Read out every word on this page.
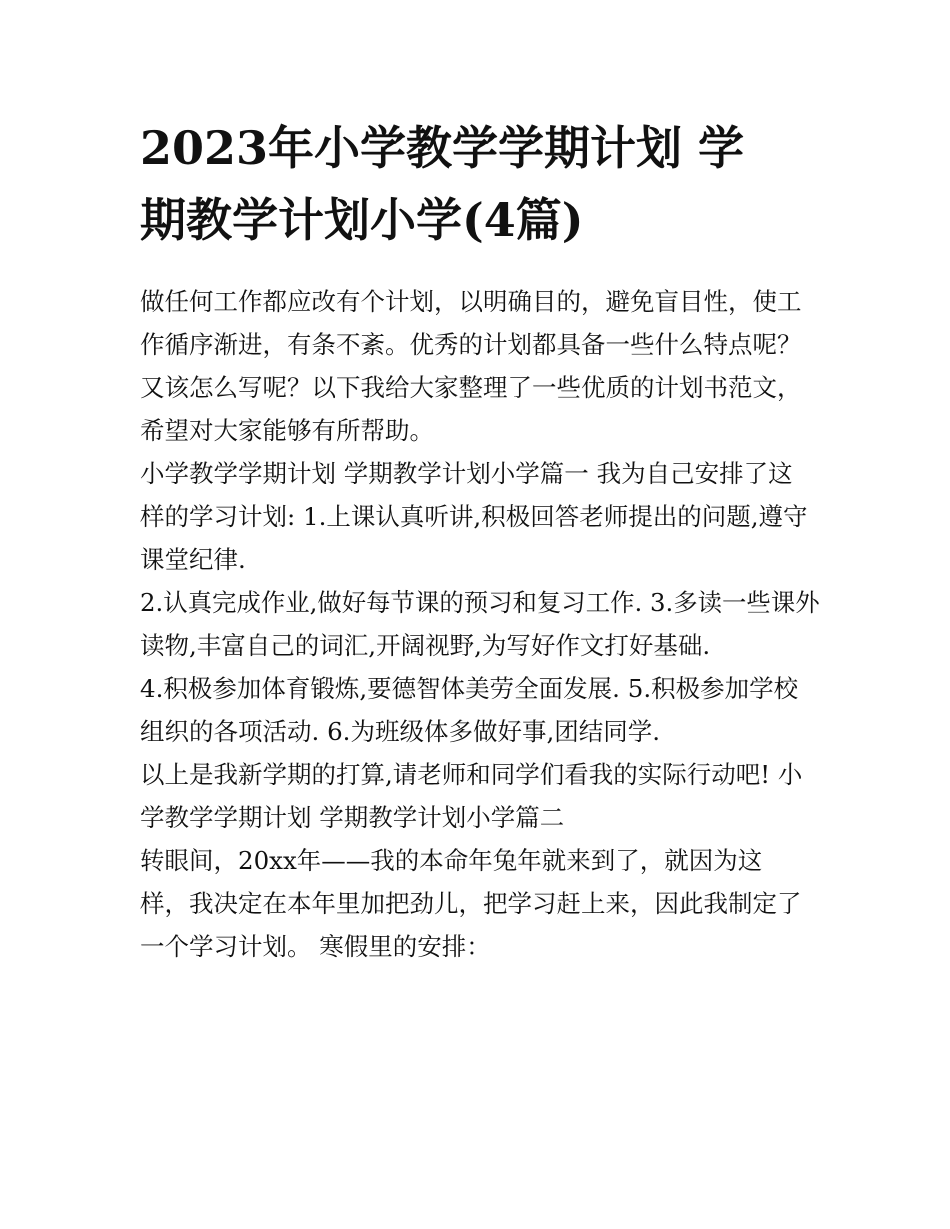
2023年小学教学学期计划 学
期教学计划小学(4篇)
做任何工作都应改有个计划，以明确目的，避免盲目性，使工
作循序渐进，有条不紊。优秀的计划都具备一些什么特点呢？
又该怎么写呢？以下我给大家整理了一些优质的计划书范文，
希望对大家能够有所帮助。
小学教学学期计划 学期教学计划小学篇一 我为自己安排了这
样的学习计划: 1.上课认真听讲,积极回答老师提出的问题,遵守
课堂纪律.
2.认真完成作业,做好每节课的预习和复习工作. 3.多读一些课外
读物,丰富自己的词汇,开阔视野,为写好作文打好基础.
4.积极参加体育锻炼,要德智体美劳全面发展. 5.积极参加学校
组织的各项活动. 6.为班级体多做好事,团结同学.
以上是我新学期的打算,请老师和同学们看我的实际行动吧! 小
学教学学期计划 学期教学计划小学篇二
转眼间，20xx年——我的本命年兔年就来到了，就因为这
样，我决定在本年里加把劲儿，把学习赶上来，因此我制定了
一个学习计划。 寒假里的安排：
